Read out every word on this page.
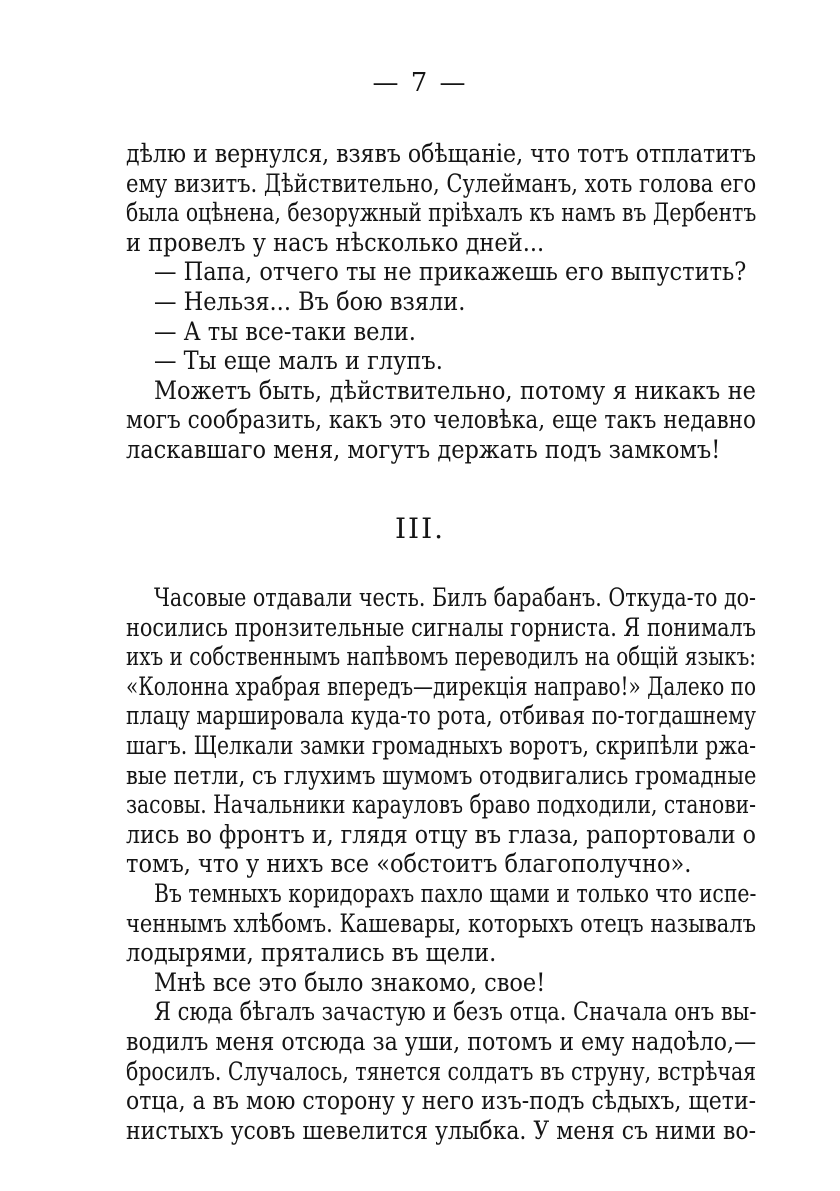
— 7 —
дѣлю и вернулся, взявъ обѣщаніе, что тотъ отплатитъ
ему визитъ. Дѣйствительно, Сулейманъ, хоть голова его
была оцѣнена, безоружный пріѣхалъ къ намъ въ Дербентъ
и провелъ у насъ нѣсколько дней...
— Папа, отчего ты не прикажешь его выпустить?
— Нельзя... Въ бою взяли.
— А ты все-таки вели.
— Ты еще малъ и глупъ.
Можетъ быть, дѣйствительно, потому я никакъ не
могъ сообразить, какъ это человѣка, еще такъ недавно
ласкавшаго меня, могутъ держать подъ замкомъ!
III.
Часовые отдавали честь. Билъ барабанъ. Откуда-то до-
носились пронзительные сигналы горниста. Я понималъ
ихъ и собственнымъ напѣвомъ переводилъ на общій языкъ:
«Колонна храбрая впередъ—дирекція направо!» Далеко по
плацу марширoвала куда-то рота, отбивая по-тогдашнему
шагъ. Щелкали замки громадныхъ воротъ, скрипѣли ржа-
вые петли, съ глухимъ шумомъ отодвигались громадные
засовы. Начальники карауловъ браво подходили, станови-
лись во фронтъ и, глядя отцу въ глаза, рапортовали о
томъ, что у нихъ все «обстоитъ благополучно».
Въ темныхъ коридорахъ пахло щами и только что испе-
ченнымъ хлѣбомъ. Кашевары, которыхъ отецъ называлъ
лодырями, прятались въ щели.
Мнѣ все это было знакомо, свое!
Я сюда бѣгалъ зачастую и безъ отца. Сначала онъ вы-
водилъ меня отсюда за уши, потомъ и ему надоѣло,—
бросилъ. Случалось, тянется солдатъ въ струну, встрѣчая
отца, а въ мою сторону у него изъ-подъ сѣдыхъ, щети-
нистыхъ усовъ шевелится улыбка. У меня съ ними во-
